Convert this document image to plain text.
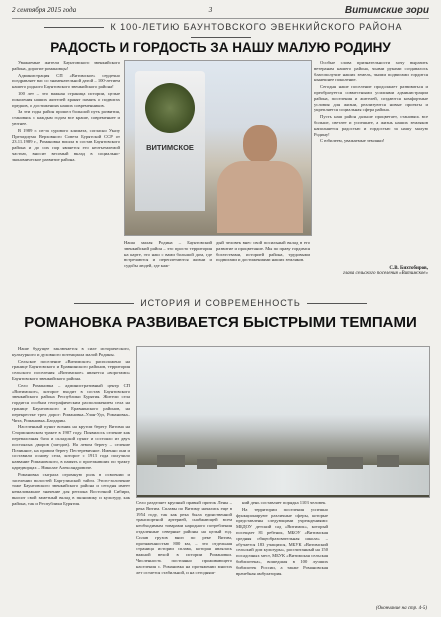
2 сентября 2015 года	3	Витимские зори
К 100-ЛЕТИЮ БАУНТОВСКОГО ЭВЕНКИЙСКОГО РАЙОНА
РАДОСТЬ И ГОРДОСТЬ ЗА НАШУ МАЛУЮ РОДИНУ

Уважаемые жители Баунтовского эвенкийского района, дорогие романовцы!

Администрация СП «Витимское» сердечно поздравляет вас со знаменательной датой – 100-летием нашего родного Баунтовского эвенкийского района!

100 лет – это важная страница истории, целые поколения наших жителей хранят память о подвигах предков, о достижениях наших современников.

За эти годы район прошел большой путь развития, становясь с каждым годом все краше, современнее и уютнее.

В 1989 г. из-за сурового климата, согласно Указу Президиума Верховного Совета Бурятской ССР от 23.11.1989 г., Романовка вошла в состав Баунтовского района и до сих пор является его неотъемлемой частью, вносит весомый вклад в социально-экономическое развитие района.

ВИТИМСКОЕ
Наша малая Родина – Баунтовский эвенкийский район – это просто территория на карте, это наш с вами большой дом, где встречаются и переплетаются жизни и судьбы людей, где каж-
дый человек внес свой посильный вклад в его развитие и процветание. Мы по праву гордимся богатствами, историей района, трудовыми подвигами и достижениями наших земляков.

Особые слова признательности хочу выразить ветеранам нашего района, чьими руками создавалось благополучие наших земель, чьими подвигами гордится нынешнее поколение.

Сегодня наше поселение продолжает развиваться и преобразуется совместными усилиями администрации района, поселения и жителей, создаются комфортные условия для жизни, реализуются новые проекты и укрепляется социальная сфера района.

Пусть наш район дальше процветает, становясь все больше, светлее и успешнее, а жизнь наших земляков наполняется радостью и гордостью за нашу малую Родину!

С юбилеем, уважаемые земляки!

С.В. Бихтобиров,
глава сельского поселения «Витимское»
ИСТОРИЯ И СОВРЕМЕННОСТЬ
РОМАНОВКА РАЗВИВАЕТСЯ БЫСТРЫМИ ТЕМПАМИ

Наше будущее заключается в силе исторического, культурного и духовного потенциала малой Родины.

Сельское поселение «Витимское» расположено на границе Баунтовского и Еравнинского районов, территория сельского поселения «Витимское» является «воротами» Баунтовского эвенкийского района.

Село Романовка – административный центр СП «Витимское», которое входит в состав Баунтовского эвенкийского района Республики Бурятия. Жители села гордятся особым географическим расположением села на границе Баунтовского и Еравнинского районов, на перекрестке трех дорог: Романовка–Улан-Удэ, Романовка–Чита, Романовка–Багдарин.

Населенный пункт возник на крутом берегу Витима на Стормоновском тракте в 1907 году. Появилось селение как перевалочная база и складской пункт и состояло из двух постоялых дворов (заездов). На левом берегу – селение Починное, на правом берегу Пестеревичное. Именно они и составили основу села, которое с 1913 года получило название Романовского, в память о проезжавших по тракту царедворцах – Николае Александровиче.

Романовка сыграла огромную роль в освоении и заселении волостей Баргузинской тайги. Этого-золочение тоже Баунтовского эвенкийского района и сегодня имеет немаловажное значение для региона Восточной Сибири, вносит свой заметный вклад в экономику и культуру, как района, так и Республики Бурятия.	Село разделяет крупный правый приток Лены – река Витим. Сплавы по Витиму начались еще в 1954 году, так как река была единственной транспортной артерией, снабжающей всем необходимым товарами народного потребления отдаленные северные районы на целый год. Сплав грузов вниз по реке Витим, протяженностью 800 км, – это отдельная страница истории сплава, которая являлась важной вехой в истории Романовки. Численность постоянно проживающего населения с. Романовка на протяжении многих лет остается стабильной, и на сегодняш-

ний день составляет порядка 1103 человек.

На территории поселения успешно функционируют различные сферы, которые представлены следующими учреждениями: МБДОУ детский сад «Витимок», который посещает 81 ребенок, МБОУ «Витимская средняя общеобразовательная школа» – обучается 183 учащихся, МБУК «Витимский сельский дом культуры», рассчитанный на 150 посадочных мест, МБУК «Витимская сельская библиотека», вошедшая в 100 лучших библиотек России, а также Романовская врачебная амбулатория.

(Окончание на стр. 4-5)
